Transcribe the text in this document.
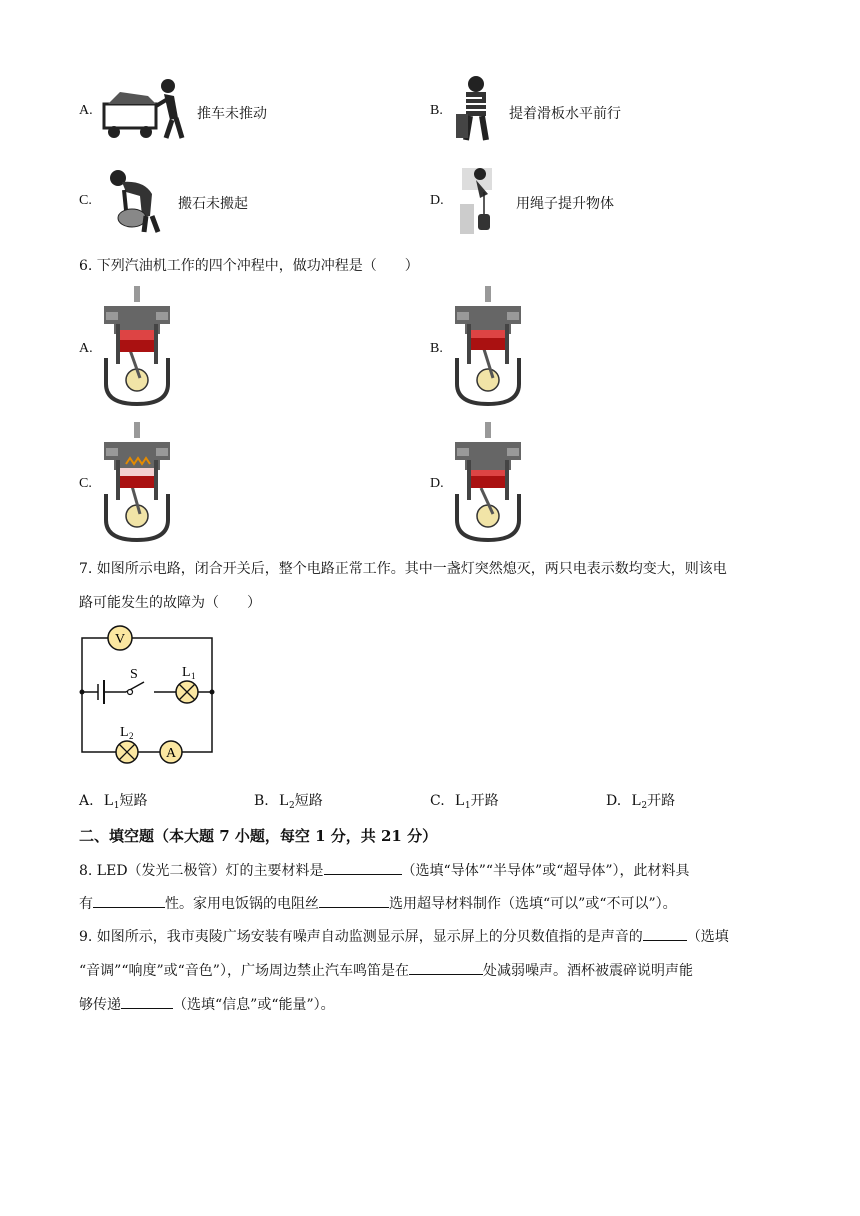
A.	推车未推动	B.	提着滑板水平前行
C.	搬石未搬起	D.	用绳子提升物体
6. 下列汽油机工作的四个冲程中，做功冲程是（　　）
A.	B.
C.	D.
7. 如图所示电路，闭合开关后，整个电路正常工作。其中一盏灯突然熄灭，两只电表示数均变大，则该电
路可能发生的故障为（　　）
V
S	L 1
L 2
A
A. $L_1$短路	B. $L_2$短路	C. $L_1$开路	D. $L_2$开路
二、填空题（本大题 7 小题，每空 1 分，共 21 分）
8. LED（发光二极管）灯的主要材料是	（选填“导体”“半导体”或“超导体”），此材料具
有	性。家用电饭锅的电阻丝	选用超导材料制作（选填“可以”或“不可以”）。
9. 如图所示，我市夷陵广场安装有噪声自动监测显示屏，显示屏上的分贝数值指的是声音的	（选填
“音调”“响度”或“音色”），广场周边禁止汽车鸣笛是在	处减弱噪声。酒杯被震碎说明声能
够传递	（选填“信息”或“能量”）。
